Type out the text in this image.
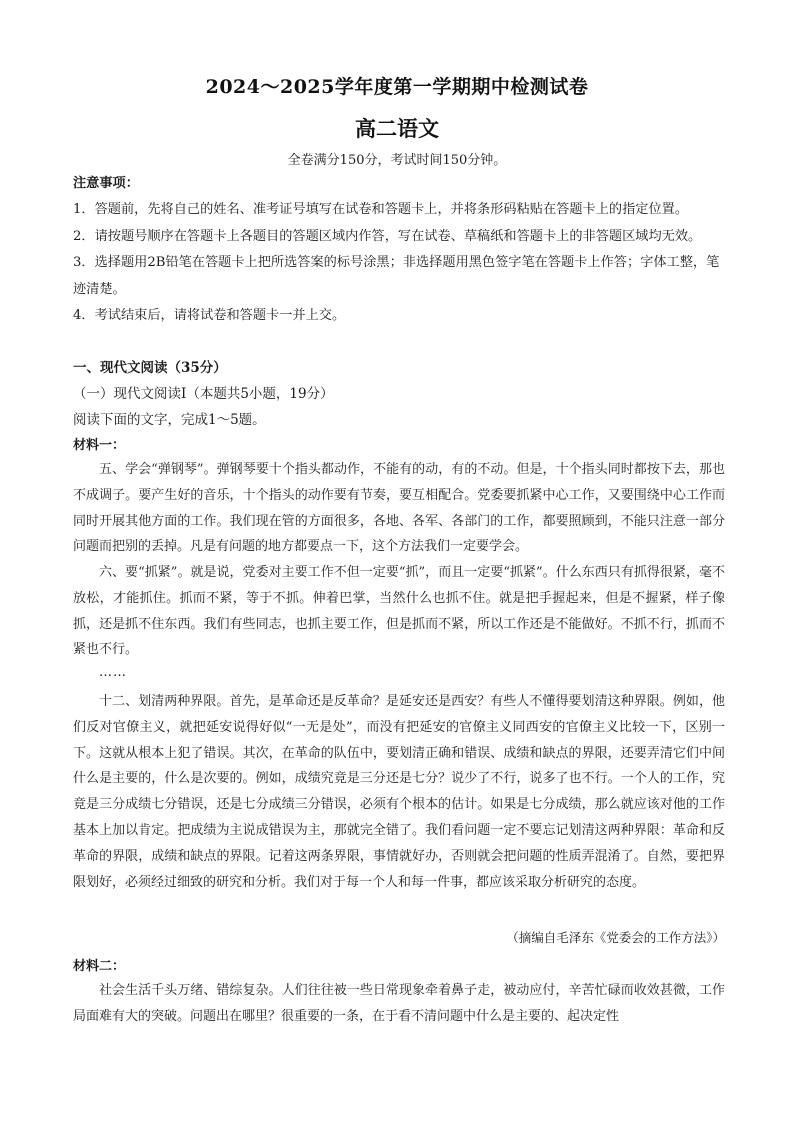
2024～2025学年度第一学期期中检测试卷
高二语文
全卷满分150分，考试时间150分钟。
注意事项：
1．答题前，先将自己的姓名、准考证号填写在试卷和答题卡上，并将条形码粘贴在答题卡上的指定位置。
2．请按题号顺序在答题卡上各题目的答题区域内作答，写在试卷、草稿纸和答题卡上的非答题区域均无效。
3．选择题用2B铅笔在答题卡上把所选答案的标号涂黑；非选择题用黑色签字笔在答题卡上作答；字体工整，笔迹清楚。
4．考试结束后，请将试卷和答题卡一并上交。
一、现代文阅读（35分）
（一）现代文阅读Ⅰ（本题共5小题，19分）
阅读下面的文字，完成1～5题。
材料一：
五、学会“弹钢琴”。弹钢琴要十个指头都动作，不能有的动，有的不动。但是，十个指头同时都按下去，那也不成调子。要产生好的音乐，十个指头的动作要有节奏，要互相配合。党委要抓紧中心工作，又要围绕中心工作而同时开展其他方面的工作。我们现在管的方面很多，各地、各军、各部门的工作，都要照顾到，不能只注意一部分问题而把别的丢掉。凡是有问题的地方都要点一下，这个方法我们一定要学会。
六、要“抓紧”。就是说，党委对主要工作不但一定要“抓”，而且一定要“抓紧”。什么东西只有抓得很紧，毫不放松，才能抓住。抓而不紧，等于不抓。伸着巴掌，当然什么也抓不住。就是把手握起来，但是不握紧，样子像抓，还是抓不住东西。我们有些同志，也抓主要工作，但是抓而不紧，所以工作还是不能做好。不抓不行，抓而不紧也不行。
……
十二、划清两种界限。首先，是革命还是反革命？是延安还是西安？有些人不懂得要划清这种界限。例如，他们反对官僚主义，就把延安说得好似“一无是处”，而没有把延安的官僚主义同西安的官僚主义比较一下，区别一下。这就从根本上犯了错误。其次，在革命的队伍中，要划清正确和错误、成绩和缺点的界限，还要弄清它们中间什么是主要的，什么是次要的。例如，成绩究竟是三分还是七分？说少了不行，说多了也不行。一个人的工作，究竟是三分成绩七分错误，还是七分成绩三分错误，必须有个根本的估计。如果是七分成绩，那么就应该对他的工作基本上加以肯定。把成绩为主说成错误为主，那就完全错了。我们看问题一定不要忘记划清这两种界限：革命和反革命的界限，成绩和缺点的界限。记着这两条界限，事情就好办，否则就会把问题的性质弄混淆了。自然，要把界限划好，必须经过细致的研究和分析。我们对于每一个人和每一件事，都应该采取分析研究的态度。
（摘编自毛泽东《党委会的工作方法》）
材料二：
社会生活千头万绪、错综复杂。人们往往被一些日常现象牵着鼻子走，被动应付，辛苦忙碌而收效甚微，工作局面难有大的突破。问题出在哪里？很重要的一条，在于看不清问题中什么是主要的、起决定性
